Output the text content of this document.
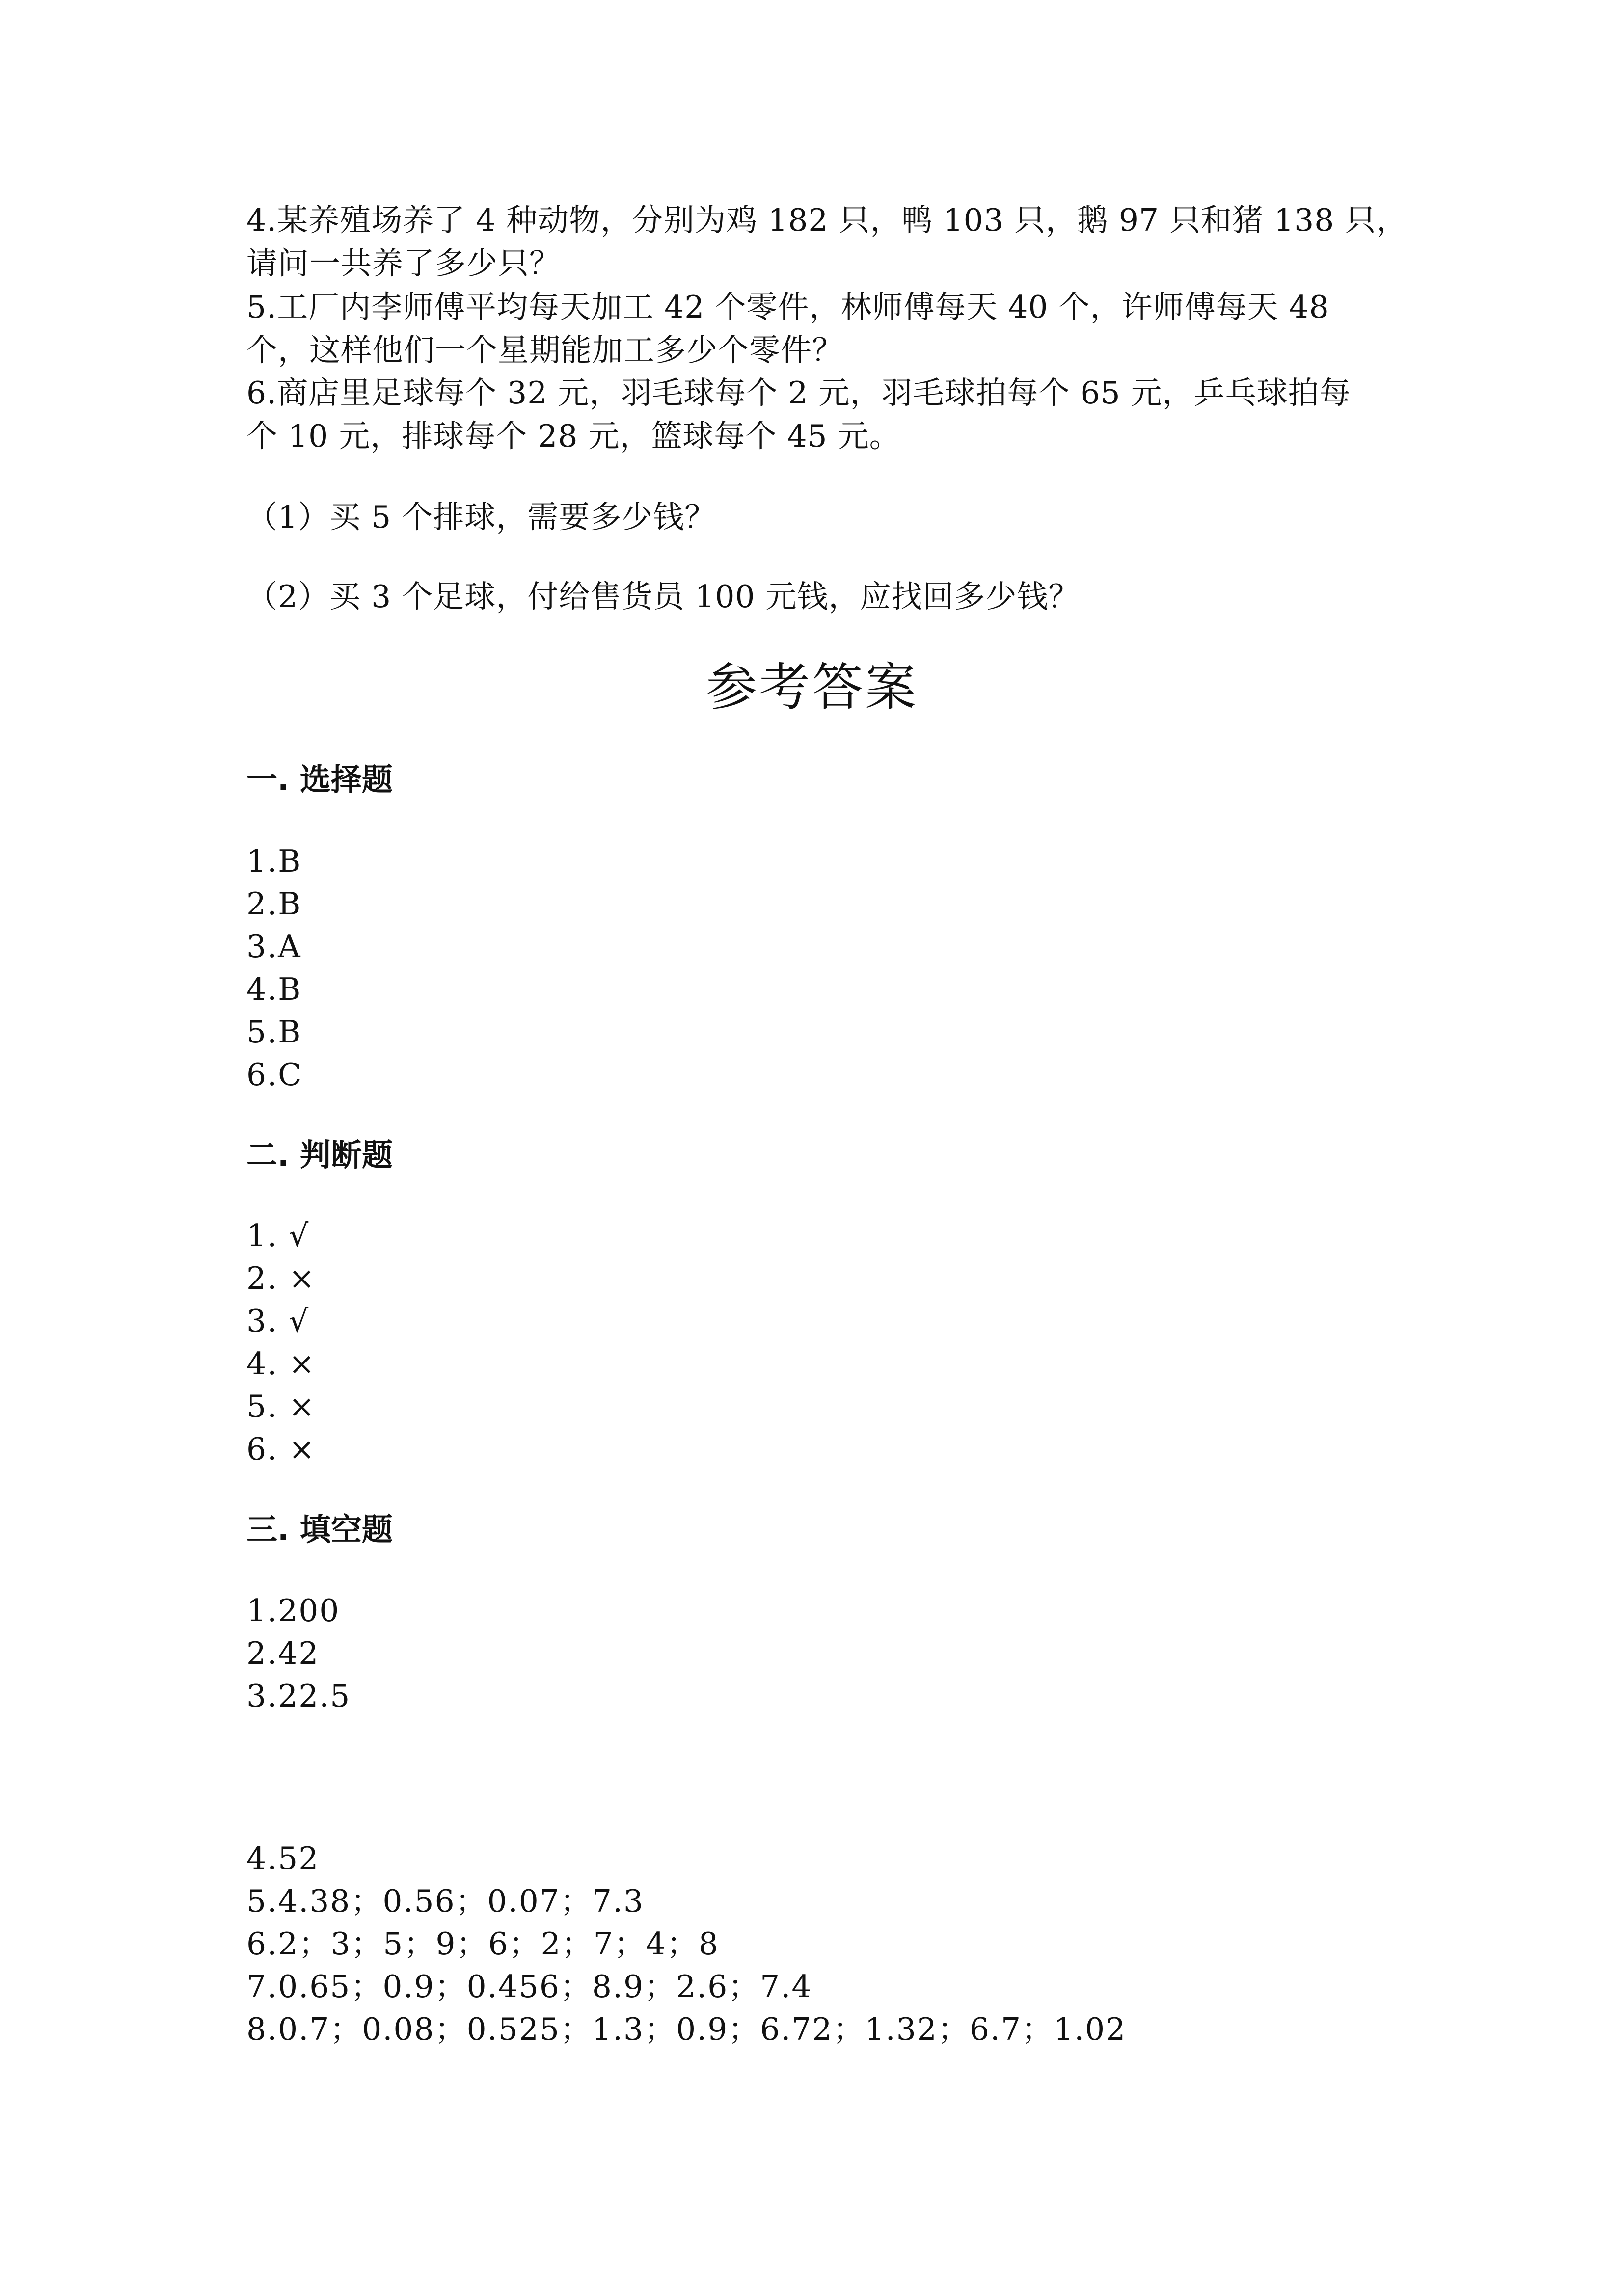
4.某养殖场养了 4 种动物，分别为鸡 182 只，鸭 103 只，鹅 97 只和猪 138 只，
请问一共养了多少只？
5.工厂内李师傅平均每天加工 42 个零件，林师傅每天 40 个，许师傅每天 48
个，这样他们一个星期能加工多少个零件？
6.商店里足球每个 32 元，羽毛球每个 2 元，羽毛球拍每个 65 元，乒乓球拍每
个 10 元，排球每个 28 元，篮球每个 45 元。
（1）买 5 个排球，需要多少钱？
（2）买 3 个足球，付给售货员 100 元钱，应找回多少钱？
参考答案
一. 选择题
1.B
2.B
3.A
4.B
5.B
6.C
二. 判断题
1. √
2. ×
3. √
4. ×
5. ×
6. ×
三. 填空题
1.200
2.42
3.22.5
4.52
5.4.38；0.56；0.07；7.3
6.2；3；5；9；6；2；7；4；8
7.0.65；0.9；0.456；8.9；2.6；7.4
8.0.7；0.08；0.525；1.3；0.9；6.72；1.32；6.7；1.02
